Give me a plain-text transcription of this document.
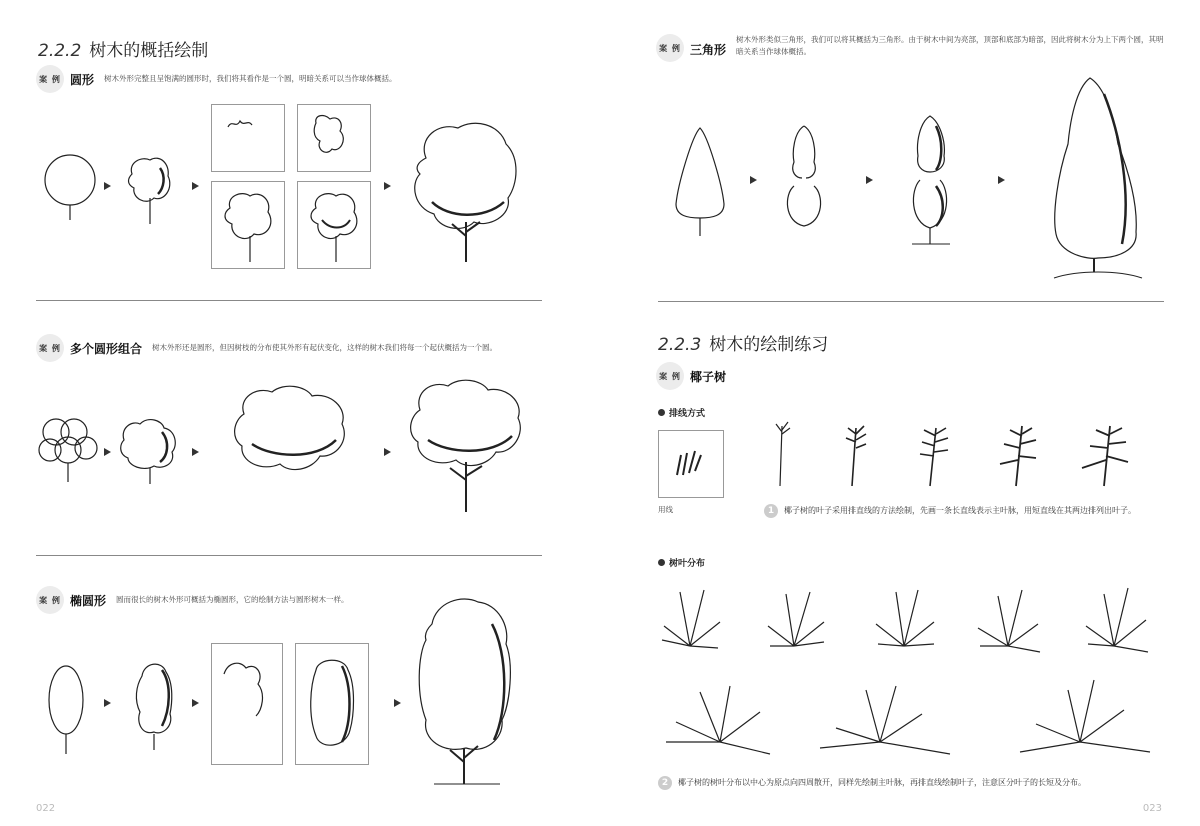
2.2.2 树木的概括绘制
案 例 圆形 树木外形完整且呈饱满的圆形时，我们将其看作是一个圆，明暗关系可以当作球体概括。
案 例 多个圆形组合 树木外形还是圆形，但因树枝的分布使其外形有起伏变化，这样的树木我们将每一个起伏概括为一个圆。
案 例 椭圆形 圆而很长的树木外形可概括为椭圆形，它的绘制方法与圆形树木一样。
022
案 例 三角形
树木外形类似三角形，我们可以将其概括为三角形。由于树木中间为亮部，顶部和底部为暗部，因此将树木分为上下两个圆，其明暗关系当作球体概括。
2.2.3 树木的绘制练习
案 例 椰子树
排线方式
用线	1	椰子树的叶子采用排直线的方法绘制，先画一条长直线表示主叶脉，用短直线在其两边排列出叶子。
树叶分布
2	椰子树的树叶分布以中心为原点向四周散开，同样先绘制主叶脉，再排直线绘制叶子，注意区分叶子的长短及分布。
023
